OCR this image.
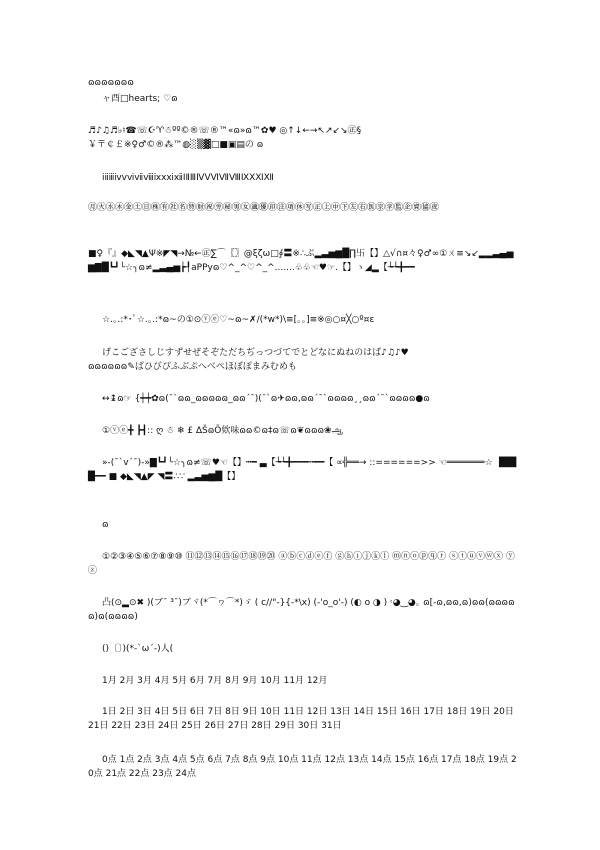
ɷɷɷɷɷɷɷ
ャ酉□hearts; ♡ɷ
♬♪♫♬♭♮☎☏☪♈☃ºº©®☏®™«ɷ»ɷ™✿♥ ◎↑↓←→↖↗↙↘㊣§
￥〒￠￡※♀♂©®⁂™◍░▒▓□■▣▤の ɷ
ⅰⅱⅲⅳⅴⅵⅶⅷⅸⅹⅺⅻⅠⅡⅢⅣⅤⅥⅦⅧⅨⅩⅪⅫ
㊊㊋㊌㊍㊎㊏㊐㊑㊒㊓㊔㊕㊖㊗㊘㊙㊚㊛㊜㊝㊞㊟㊠㊡㊢㊣㊤㊥㊦㊧㊨㊩㊪㊫㊬㊭㊮㊯㊰
■♀『』◆◣◥▲Ψ※◤◥→№←㊣∑⌒〖〗@ξζω□∮〓※∴ぷ▂▃▅▆█∏卐【】△√∩¤々♀♂∞①ㄨ≡↘↙▂▂▃▄▅▆▇█┗┛╰☆╮ɷ≠▂▃▄▅┢┦aPPyɷ♡^_^♡^_^.......♧♧☜♥☞.【】ゝ◢▂【┶┶╋━━
☆.｡.:*･ﾟ☆.｡.:*ɷ~の①⊙ⓥⓔ♡~ɷ~✗/(*w*)\≡[。。]≡※◎○¤╳○º¤ε
げこござさしじすずせぜそぞただちぢっつづてでとどなにぬねのはば♪♫♪♥
ɷɷɷɷɷɷ✎ぱひびぴふぶぷへべぺほぼぽまみむめも
↔↨ɷ☞ {┿┿✿ɷ(¯`ɷɷ_ɷɷɷɷɷ_ɷɷ´¯)(¯`ɷ✈ɷɷ,ɷɷ´¯`ɷɷɷɷ¸¸ɷɷ´¯`ɷɷɷɷ●ɷ
①ⓥⓔ╋ ┣┫:: ღ ☃ ❄ £ ∆ŠɷÕ欸味ɷɷ©ɷ‡ɷ☏ɷ❦ɷɷɷ❀ஆ
»-(¯`v´¯)-»▇┗┛╰☆╮ɷ≠☏♥☜【】┅━ ▃【┶┶╋━━━┅━━【 ∝╬══→ ::======>> ☜═══════☆ ▐███━━ ■ ◆◣◥▲◤ ◥〓∴∵ ▂▃▅▆█【】
ɷ
①②③④⑤⑥⑦⑧⑨⑩ ⑪⑫⑬⑭⑮⑯⑰⑱⑲⑳ ⓐⓑⓒⓓⓔⓕ ⓖⓗⓘⓙⓚⓛ ⓜⓝⓞⓟⓠⓡ ⓢⓣⓤⓥⓦⓧ ⓨⓩ
凸(⊙▂⊙✖ )(ブ¯ ³¯)ブヾ(*⌒ヮ⌒*)ゞ ( c//"-}{-*\x) (-'o_o'-) (◐ o ◑ ) ˓◕‿◕｡ ɷ[-ɷ,ɷɷ,ɷ)ɷɷ(ɷɷɷɷɷ)ɷ(ɷɷɷɷ)
()〔〕)(*-`ω´-)人(
1月 2月 3月 4月 5月 6月 7月 8月 9月 10月 11月 12月
1日 2日 3日 4日 5日 6日 7日 8日 9日 10日 11日 12日 13日 14日 15日 16日 17日 18日 19日 20日 21日 22日 23日 24日 25日 26日 27日 28日 29日 30日 31日
0点 1点 2点 3点 4点 5点 6点 7点 8点 9点 10点 11点 12点 13点 14点 15点 16点 17点 18点 19点 20点 21点 22点 23点 24点
